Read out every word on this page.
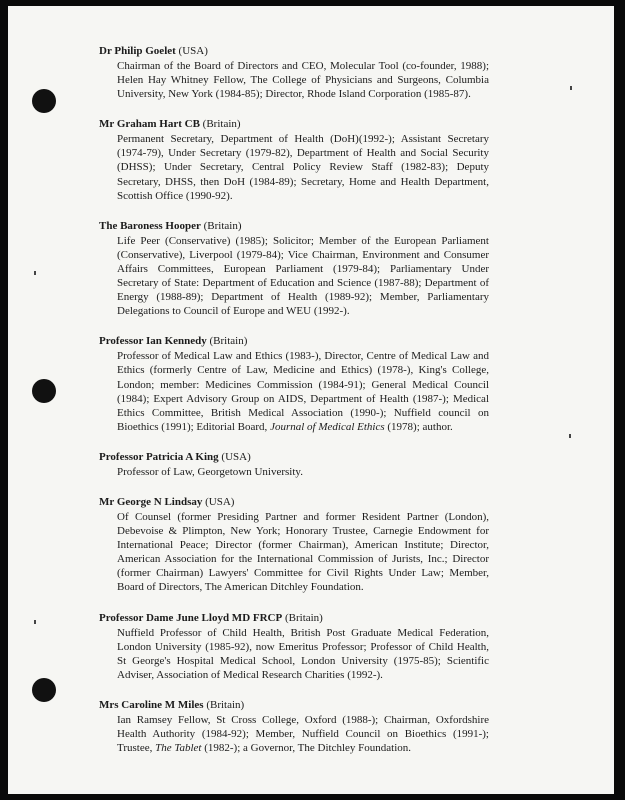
Dr Philip Goelet (USA)
Chairman of the Board of Directors and CEO, Molecular Tool (co-founder, 1988); Helen Hay Whitney Fellow, The College of Physicians and Surgeons, Columbia University, New York (1984-85); Director, Rhode Island Corporation (1985-87).
Mr Graham Hart CB (Britain)
Permanent Secretary, Department of Health (DoH)(1992-); Assistant Secretary (1974-79), Under Secretary (1979-82), Department of Health and Social Security (DHSS); Under Secretary, Central Policy Review Staff (1982-83); Deputy Secretary, DHSS, then DoH (1984-89); Secretary, Home and Health Department, Scottish Office (1990-92).
The Baroness Hooper (Britain)
Life Peer (Conservative) (1985); Solicitor; Member of the European Parliament (Conservative), Liverpool (1979-84); Vice Chairman, Environment and Consumer Affairs Committees, European Parliament (1979-84); Parliamentary Under Secretary of State: Department of Education and Science (1987-88); Department of Energy (1988-89); Department of Health (1989-92); Member, Parliamentary Delegations to Council of Europe and WEU (1992-).
Professor Ian Kennedy (Britain)
Professor of Medical Law and Ethics (1983-), Director, Centre of Medical Law and Ethics (formerly Centre of Law, Medicine and Ethics) (1978-), King's College, London; member: Medicines Commission (1984-91); General Medical Council (1984); Expert Advisory Group on AIDS, Department of Health (1987-); Medical Ethics Committee, British Medical Association (1990-); Nuffield council on Bioethics (1991); Editorial Board, Journal of Medical Ethics (1978); author.
Professor Patricia A King (USA)
Professor of Law, Georgetown University.
Mr George N Lindsay (USA)
Of Counsel (former Presiding Partner and former Resident Partner (London), Debevoise & Plimpton, New York; Honorary Trustee, Carnegie Endowment for International Peace; Director (former Chairman), American Institute; Director, American Association for the International Commission of Jurists, Inc.; Director (former Chairman) Lawyers' Committee for Civil Rights Under Law; Member, Board of Directors, The American Ditchley Foundation.
Professor Dame June Lloyd MD FRCP (Britain)
Nuffield Professor of Child Health, British Post Graduate Medical Federation, London University (1985-92), now Emeritus Professor; Professor of Child Health, St George's Hospital Medical School, London University (1975-85); Scientific Adviser, Association of Medical Research Charities (1992-).
Mrs Caroline M Miles (Britain)
Ian Ramsey Fellow, St Cross College, Oxford (1988-); Chairman, Oxfordshire Health Authority (1984-92); Member, Nuffield Council on Bioethics (1991-); Trustee, The Tablet (1982-); a Governor, The Ditchley Foundation.
